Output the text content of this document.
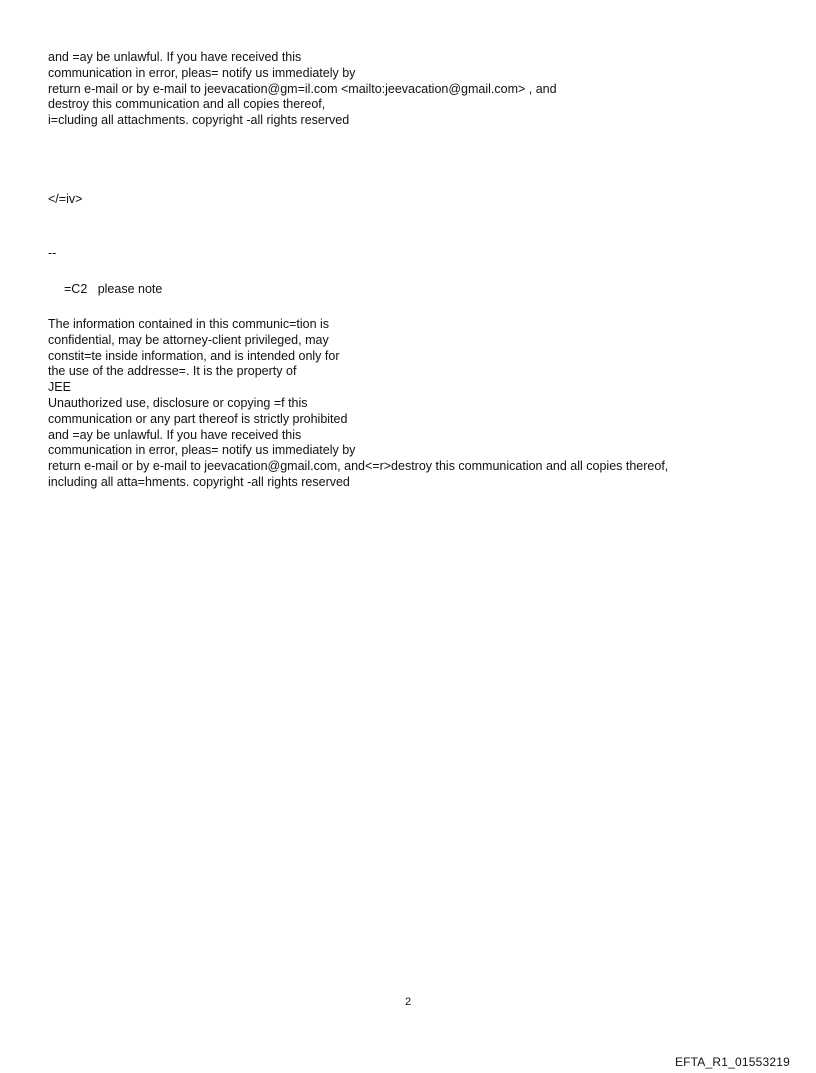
and =ay be unlawful. If you have received this
communication in error, pleas= notify us immediately by
return e-mail or by e-mail to jeevacation@gm=il.com <mailto:jeevacation@gmail.com> , and
destroy this communication and all copies thereof,
i=cluding all attachments. copyright -all rights reserved
</=iv>
--
=C2   please note
The information contained in this communic=tion is
confidential, may be attorney-client privileged, may
constit=te inside information, and is intended only for
the use of the addresse=. It is the property of
JEE
Unauthorized use, disclosure or copying =f this
communication or any part thereof is strictly prohibited
and =ay be unlawful. If you have received this
communication in error, pleas= notify us immediately by
return e-mail or by e-mail to jeevacation@gmail.com, and<=r>destroy this communication and all copies thereof,
including all atta=hments. copyright -all rights reserved
2
EFTA_R1_01553219
